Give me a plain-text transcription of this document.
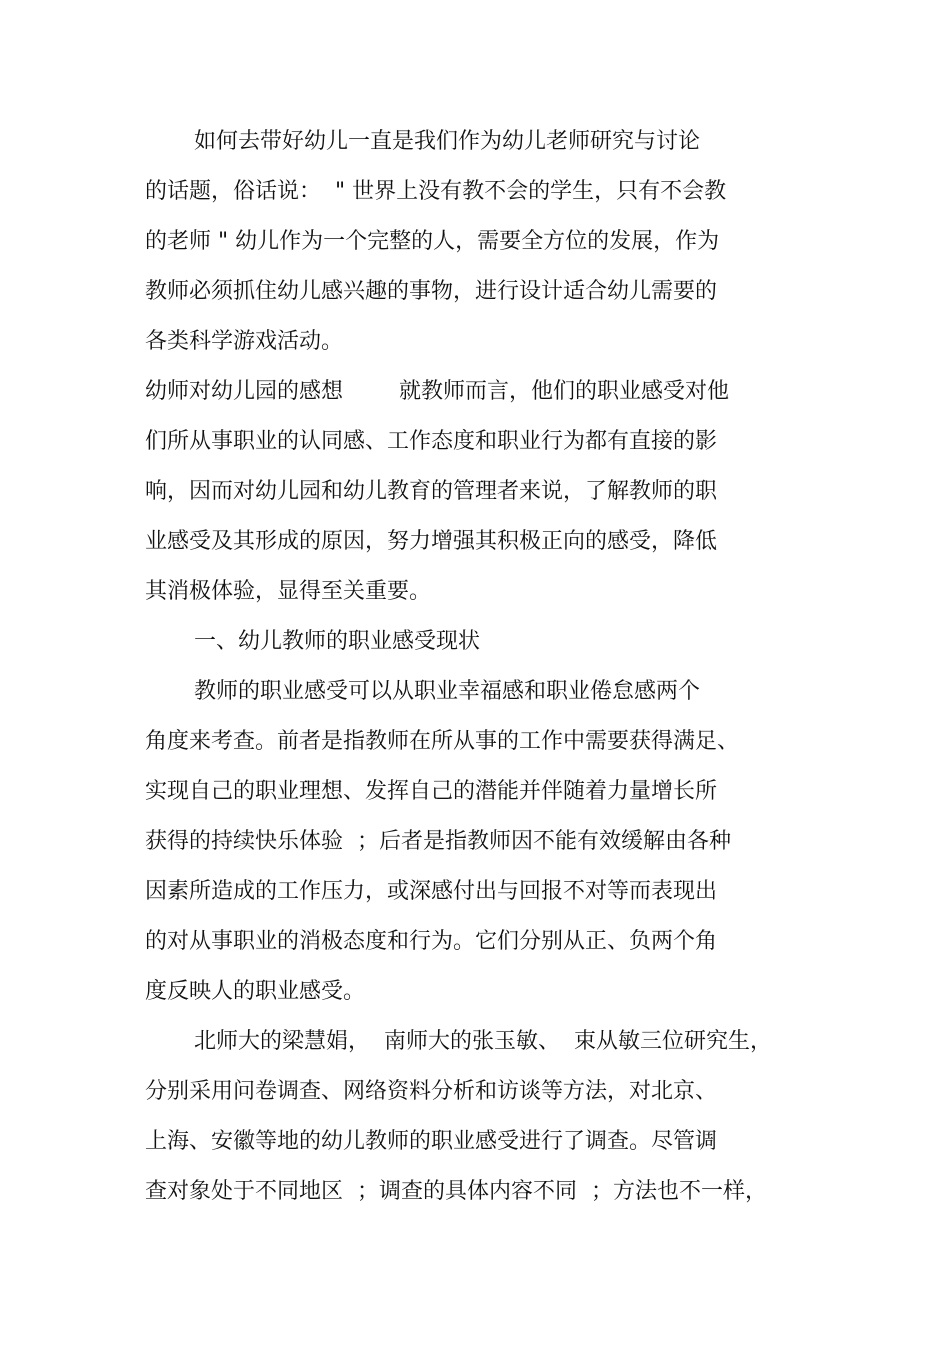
如何去带好幼儿一直是我们作为幼儿老师研究与讨论
的话题，俗话说：  " 世界上没有教不会的学生，只有不会教
的老师 " 幼儿作为一个完整的人，需要全方位的发展，作为
教师必须抓住幼儿感兴趣的事物，进行设计适合幼儿需要的
各类科学游戏活动。
幼师对幼儿园的感想        就教师而言，他们的职业感受对他
们所从事职业的认同感、工作态度和职业行为都有直接的影
响，因而对幼儿园和幼儿教育的管理者来说，了解教师的职
业感受及其形成的原因，努力增强其积极正向的感受，降低
其消极体验，显得至关重要。
一、幼儿教师的职业感受现状
教师的职业感受可以从职业幸福感和职业倦怠感两个
角度来考查。前者是指教师在所从事的工作中需要获得满足、
实现自己的职业理想、发挥自己的潜能并伴随着力量增长所
获得的持续快乐体验  ；后者是指教师因不能有效缓解由各种
因素所造成的工作压力，或深感付出与回报不对等而表现出
的对从事职业的消极态度和行为。它们分别从正、负两个角
度反映人的职业感受。
北师大的梁慧娟，  南师大的张玉敏、  束从敏三位研究生，
分别采用问卷调查、网络资料分析和访谈等方法，对北京、
上海、安徽等地的幼儿教师的职业感受进行了调查。尽管调
查对象处于不同地区  ；调查的具体内容不同  ；方法也不一样，
